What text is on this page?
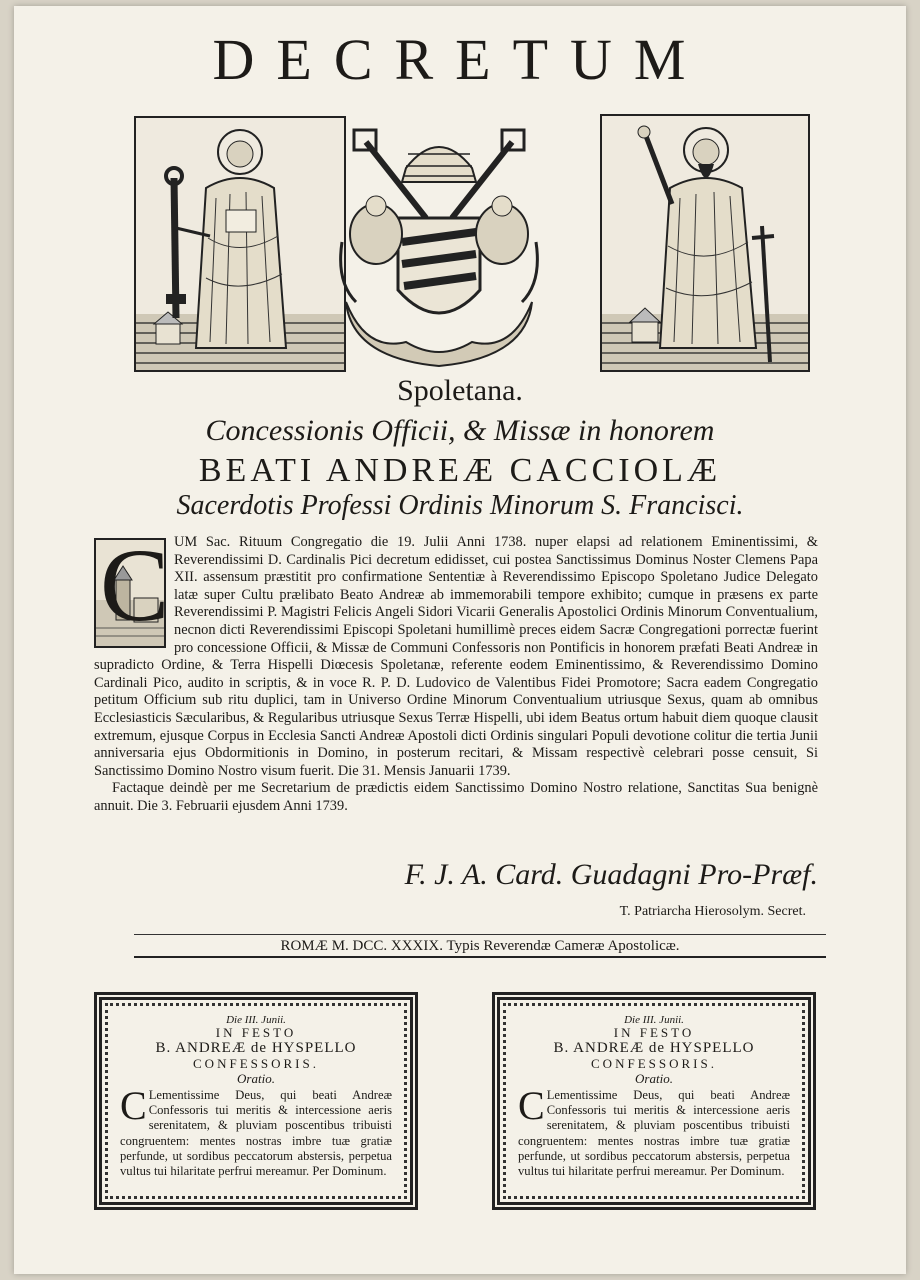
DECRETUM
Spoletana.
Concessionis Officii, & Missæ in honorem
BEATI ANDREÆ CACCIOLÆ
Sacerdotis Professi Ordinis Minorum S. Francisci.
C UM Sac. Rituum Congregatio die 19. Julii Anni 1738. nuper elapsi ad relationem Eminentissimi, & Reverendissimi D. Cardinalis Pici decretum edidisset, cui postea Sanctissimus Dominus Noster Clemens Papa XII. assensum præstitit pro confirmatione Sententiæ à Reverendissimo Episcopo Spoletano Judice Delegato latæ super Cultu prælibato Beato Andreæ ab immemorabili tempore exhibito; cumque in præsens ex parte Reverendissimi P. Magistri Felicis Angeli Sidori Vicarii Generalis Apostolici Ordinis Minorum Conventualium, necnon dicti Reverendissimi Episcopi Spoletani humillimè preces eidem Sacræ Congregationi porrectæ fuerint pro concessione Officii, & Missæ de Communi Confessoris non Pontificis in honorem præfati Beati Andreæ in supradicto Ordine, & Terra Hispelli Diœcesis Spoletanæ, referente eodem Eminentissimo, & Reverendissimo Domino Cardinali Pico, audito in scriptis, & in voce R. P. D. Ludovico de Valentibus Fidei Promotore; Sacra eadem Congregatio petitum Officium sub ritu duplici, tam in Universo Ordine Minorum Conventualium utriusque Sexus, quam ab omnibus Ecclesiasticis Sæcularibus, & Regularibus utriusque Sexus Terræ Hispelli, ubi idem Beatus ortum habuit diem quoque clausit extremum, ejusque Corpus in Ecclesia Sancti Andreæ Apostoli dicti Ordinis singulari Populi devotione colitur die tertia Junii anniversaria ejus Obdormitionis in Domino, in posterum recitari, & Missam respectivè celebrari posse censuit, Si Sanctissimo Domino Nostro visum fuerit. Die 31. Mensis Januarii 1739.

Factaque deindè per me Secretarium de prædictis eidem Sanctissimo Domino Nostro relatione, Sanctitas Sua benignè annuit. Die 3. Februarii ejusdem Anni 1739.

F. J. A. Card. Guadagni Pro-Præf.
T. Patriarcha Hierosolym. Secret.
ROMÆ M. DCC. XXXIX. Typis Reverendæ Cameræ Apostolicæ.
Die III. Junii.
IN FESTO
B. ANDREÆ de HYSPELLO
CONFESSORIS.
Oratio.
C Lementissime Deus, qui beati Andreæ Confessoris tui meritis & intercessione aeris serenitatem, & pluviam poscentibus tribuisti congruentem: mentes nostras imbre tuæ gratiæ perfunde, ut sordibus peccatorum abstersis, perpetua vultus tui hilaritate perfrui mereamur. Per Dominum.
Die III. Junii.
IN FESTO
B. ANDREÆ de HYSPELLO
CONFESSORIS.
Oratio.
C Lementissime Deus, qui beati Andreæ Confessoris tui meritis & intercessione aeris serenitatem, & pluviam poscentibus tribuisti congruentem: mentes nostras imbre tuæ gratiæ perfunde, ut sordibus peccatorum abstersis, perpetua vultus tui hilaritate perfrui mereamur. Per Dominum.
